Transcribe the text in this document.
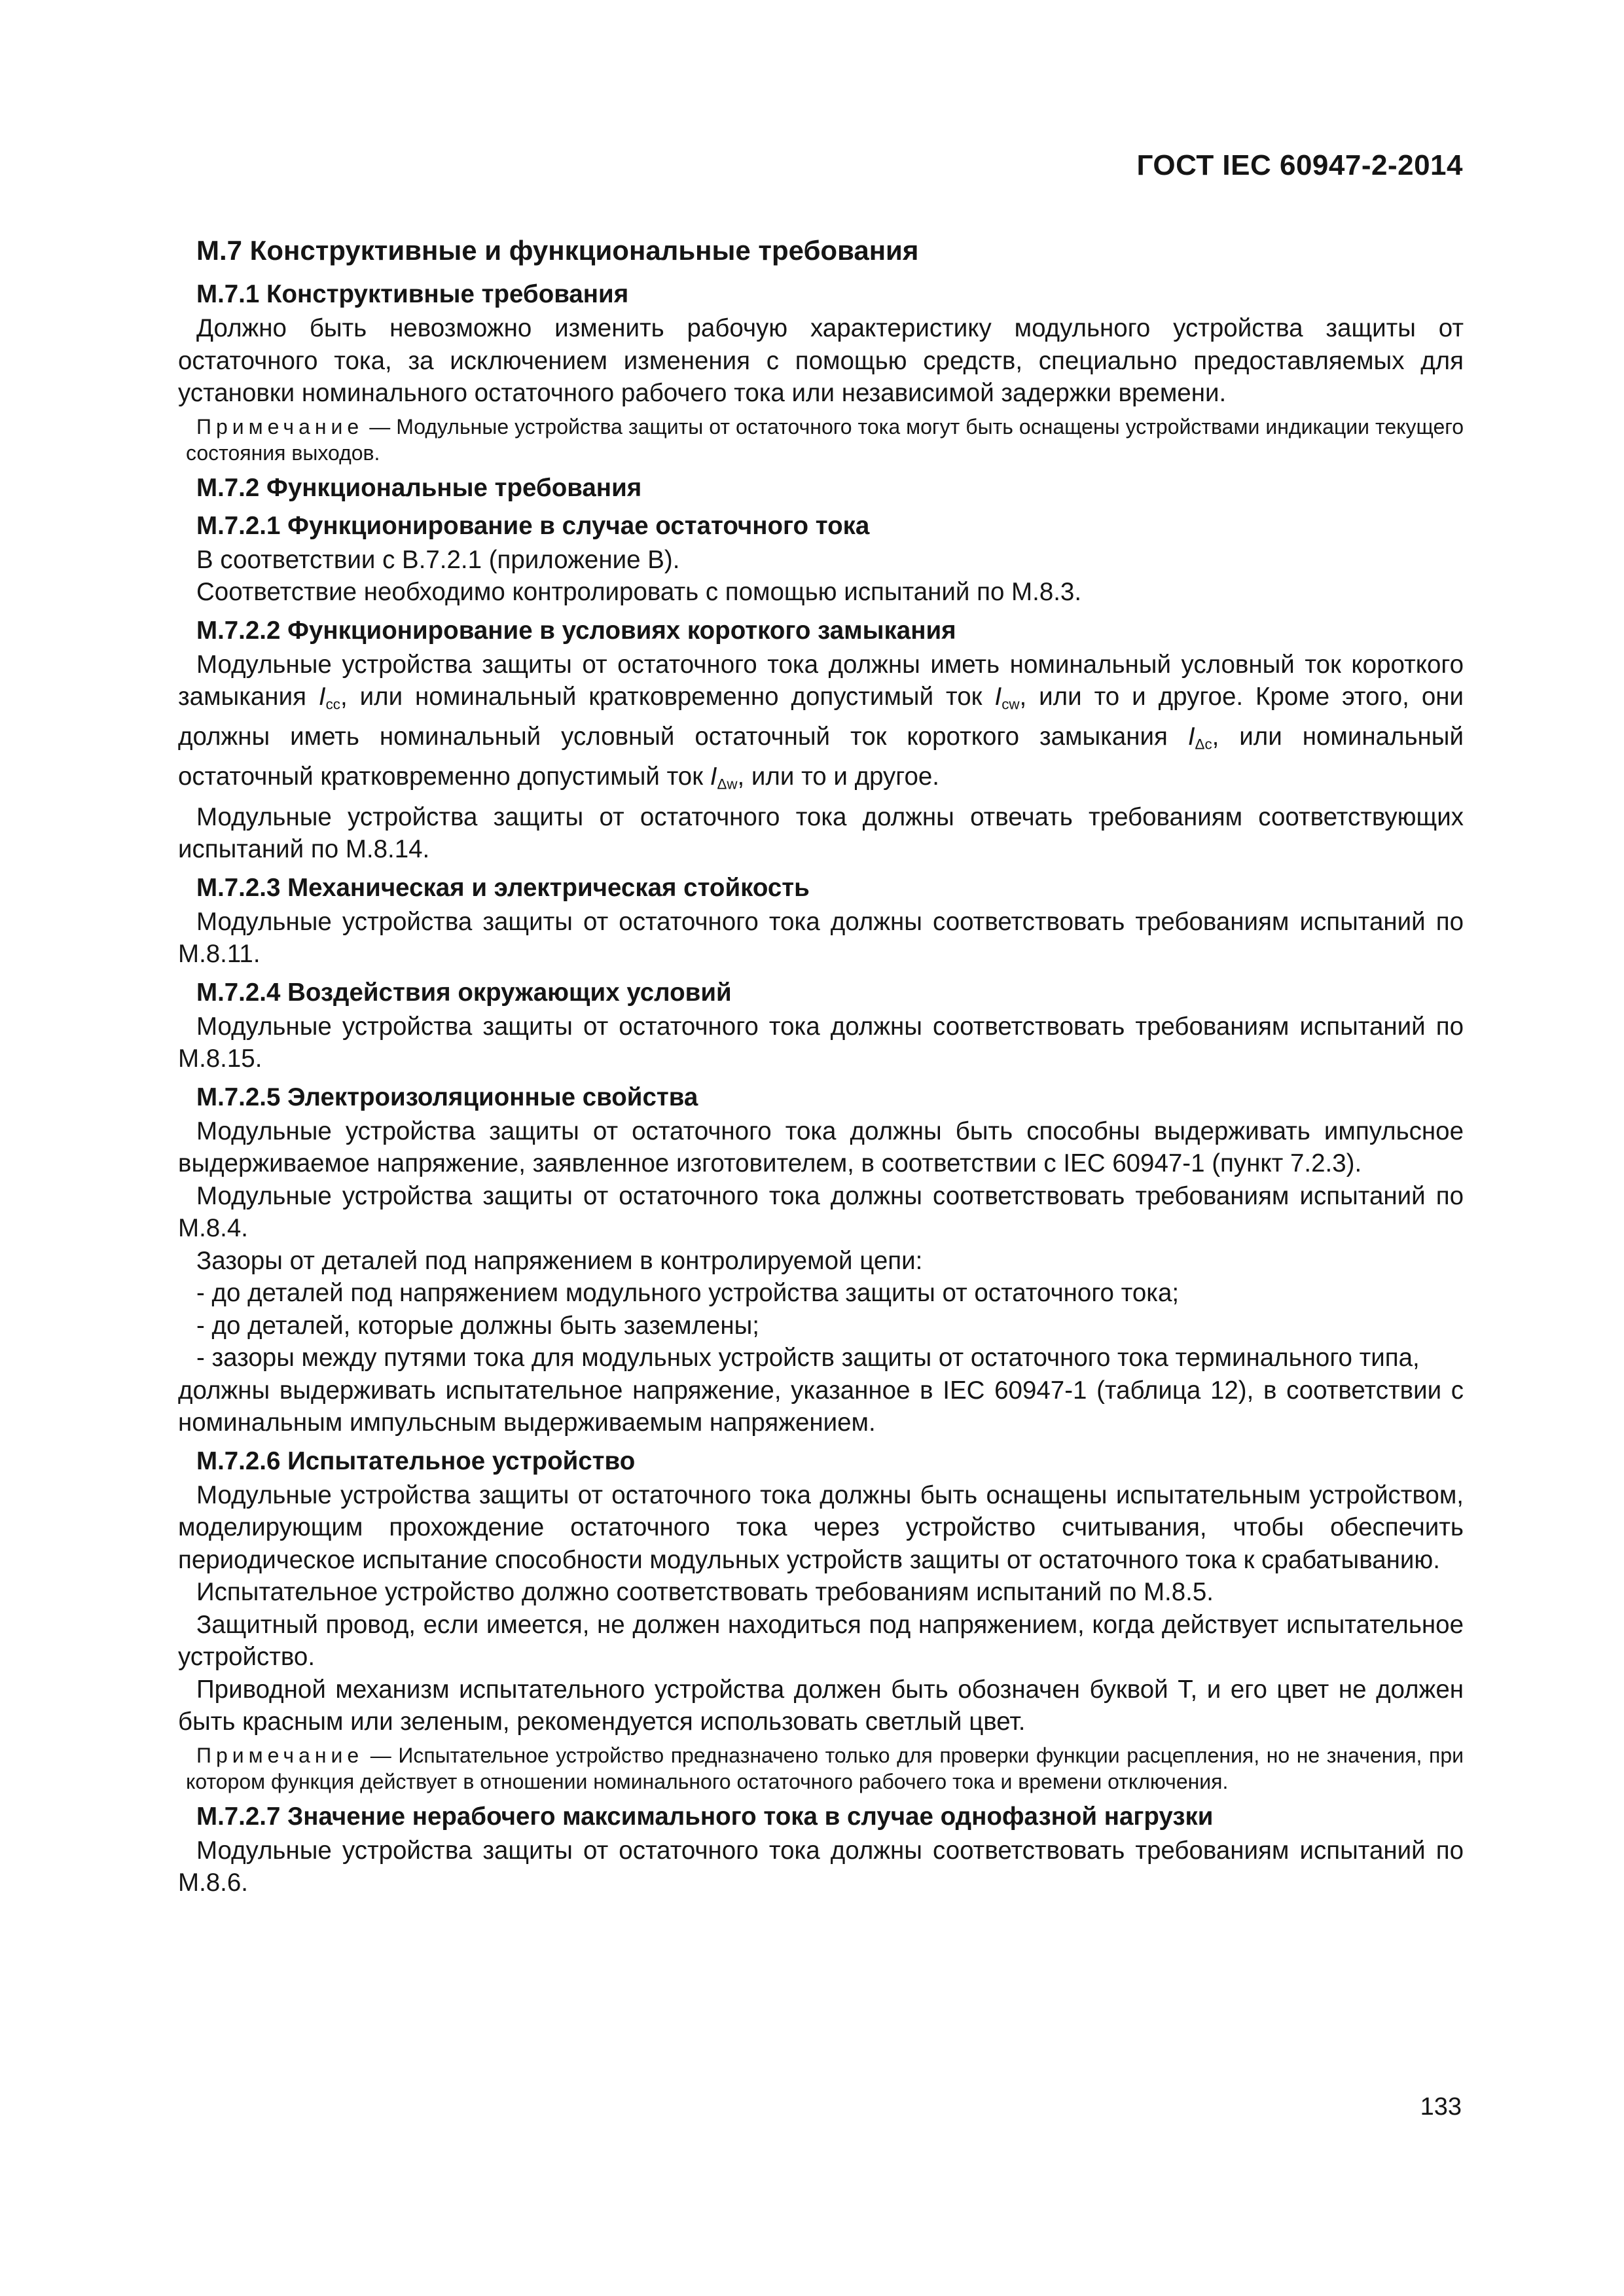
ГОСТ IEC 60947-2-2014
М.7 Конструктивные и функциональные требования
М.7.1 Конструктивные требования

Должно быть невозможно изменить рабочую характеристику модульного устройства защиты от остаточного тока, за исключением изменения с помощью средств, специально предоставляемых для установки номинального остаточного рабочего тока или независимой задержки времени.

Примечание — Модульные устройства защиты от остаточного тока могут быть оснащены устройствами индикации текущего состояния выходов.
М.7.2 Функциональные требования
М.7.2.1 Функционирование в случае остаточного тока

В соответствии с В.7.2.1 (приложение В).

Соответствие необходимо контролировать с помощью испытаний по М.8.3.

М.7.2.2 Функционирование в условиях короткого замыкания

Модульные устройства защиты от остаточного тока должны иметь номинальный условный ток короткого замыкания $I_{cc}$, или номинальный кратковременно допустимый ток $I_{cw}$, или то и другое. Кроме этого, они должны иметь номинальный условный остаточный ток короткого замыкания $I_{\Delta c}$, или номинальный остаточный кратковременно допустимый ток $I_{\Delta w}$, или то и другое.

Модульные устройства защиты от остаточного тока должны отвечать требованиям соответствующих испытаний по М.8.14.

М.7.2.3 Механическая и электрическая стойкость

Модульные устройства защиты от остаточного тока должны соответствовать требованиям испытаний по М.8.11.

М.7.2.4 Воздействия окружающих условий

Модульные устройства защиты от остаточного тока должны соответствовать требованиям испытаний по М.8.15.

М.7.2.5 Электроизоляционные свойства

Модульные устройства защиты от остаточного тока должны быть способны выдерживать импульсное выдерживаемое напряжение, заявленное изготовителем, в соответствии с IEC 60947-1 (пункт 7.2.3).

Модульные устройства защиты от остаточного тока должны соответствовать требованиям испытаний по М.8.4.

Зазоры от деталей под напряжением в контролируемой цепи:

- до деталей под напряжением модульного устройства защиты от остаточного тока;

- до деталей, которые должны быть заземлены;

- зазоры между путями тока для модульных устройств защиты от остаточного тока терминального типа,

должны выдерживать испытательное напряжение, указанное в IEC 60947-1 (таблица 12), в соответствии с номинальным импульсным выдерживаемым напряжением.

М.7.2.6 Испытательное устройство

Модульные устройства защиты от остаточного тока должны быть оснащены испытательным устройством, моделирующим прохождение остаточного тока через устройство считывания, чтобы обеспечить периодическое испытание способности модульных устройств защиты от остаточного тока к срабатыванию.

Испытательное устройство должно соответствовать требованиям испытаний по М.8.5.

Защитный провод, если имеется, не должен находиться под напряжением, когда действует испытательное устройство.

Приводной механизм испытательного устройства должен быть обозначен буквой Т, и его цвет не должен быть красным или зеленым, рекомендуется использовать светлый цвет.

Примечание — Испытательное устройство предназначено только для проверки функции расцепления, но не значения, при котором функция действует в отношении номинального остаточного рабочего тока и времени отключения.
М.7.2.7 Значение нерабочего максимального тока в случае однофазной нагрузки

Модульные устройства защиты от остаточного тока должны соответствовать требованиям испытаний по М.8.6.

133
